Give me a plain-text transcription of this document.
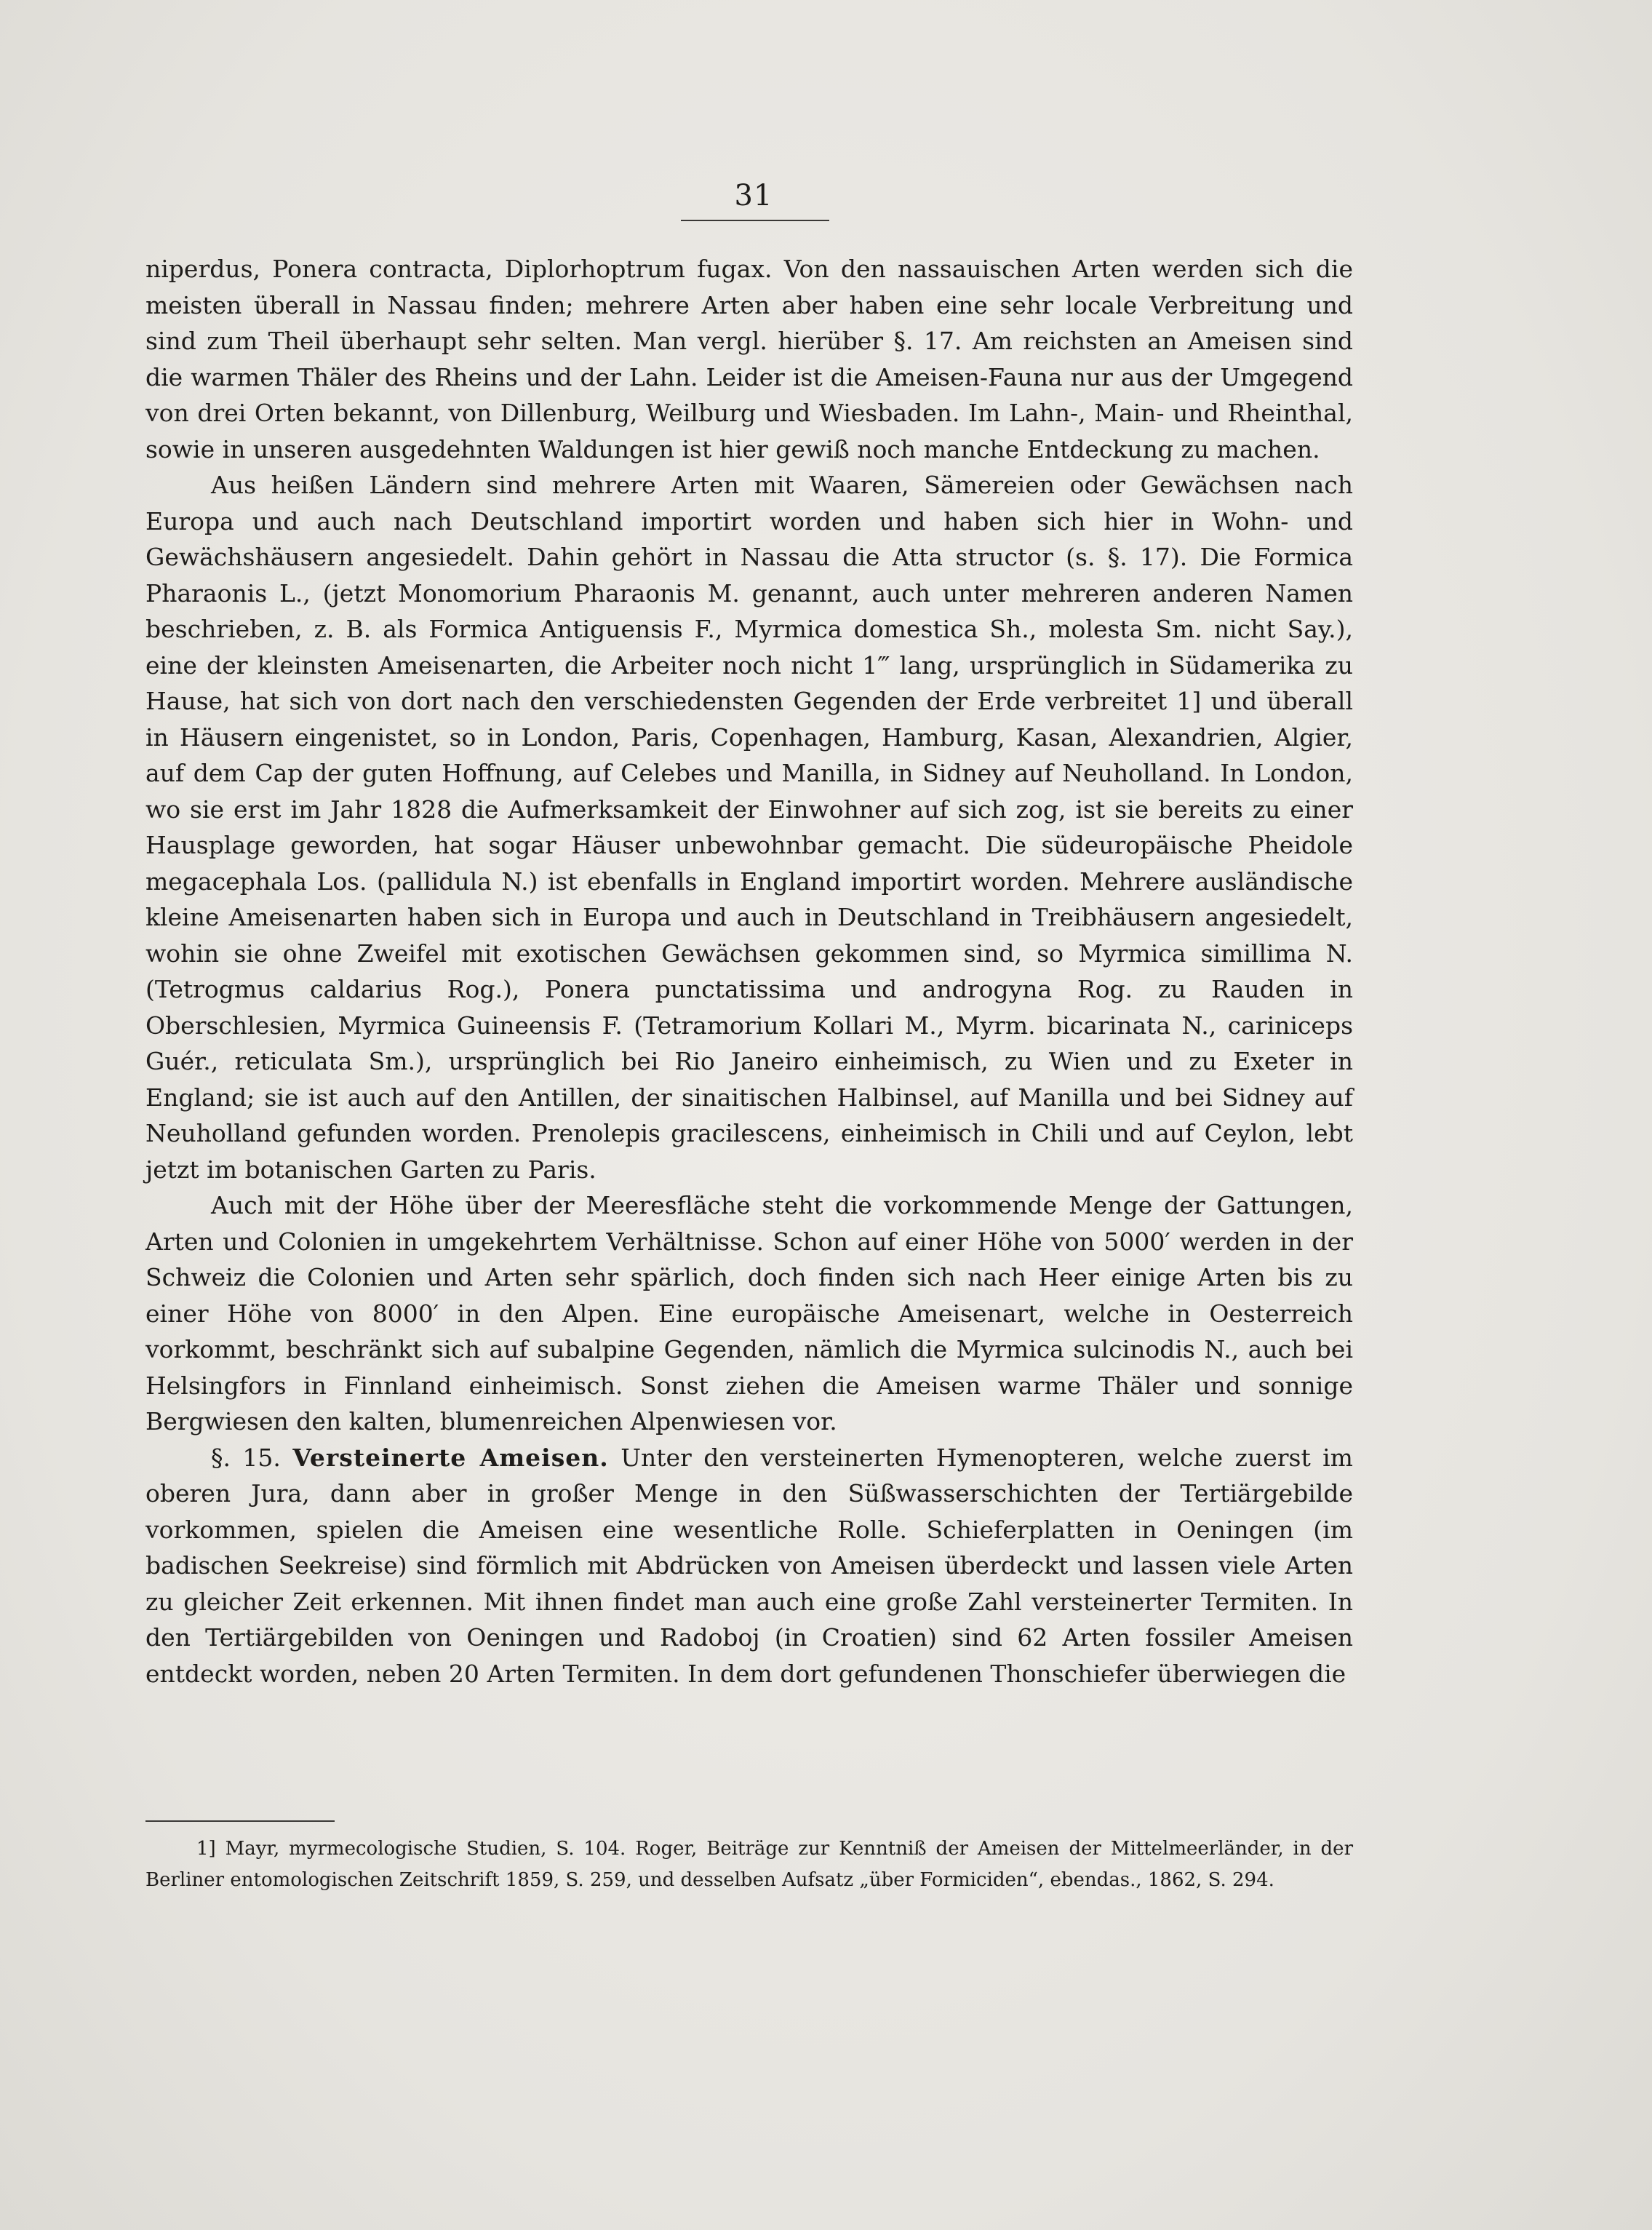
31

niperdus, Ponera contracta, Diplorhoptrum fugax. Von den nassauischen Arten werden sich die meisten überall in Nassau finden; mehrere Arten aber haben eine sehr locale Verbreitung und sind zum Theil überhaupt sehr selten. Man vergl. hierüber §. 17. Am reichsten an Ameisen sind die warmen Thäler des Rheins und der Lahn. Leider ist die Ameisen-Fauna nur aus der Umgegend von drei Orten bekannt, von Dillenburg, Weilburg und Wiesbaden. Im Lahn-, Main- und Rheinthal, sowie in unseren ausgedehnten Waldungen ist hier gewiß noch manche Entdeckung zu machen.

Aus heißen Ländern sind mehrere Arten mit Waaren, Sämereien oder Gewächsen nach Europa und auch nach Deutschland importirt worden und haben sich hier in Wohn- und Gewächshäusern angesiedelt. Dahin gehört in Nassau die Atta structor (s. §. 17). Die Formica Pharaonis L., (jetzt Monomorium Pharaonis M. genannt, auch unter mehreren anderen Namen beschrieben, z. B. als Formica Antiguensis F., Myrmica domestica Sh., molesta Sm. nicht Say.), eine der kleinsten Ameisenarten, die Arbeiter noch nicht 1‴ lang, ursprünglich in Südamerika zu Hause, hat sich von dort nach den verschiedensten Gegenden der Erde verbreitet 1] und überall in Häusern eingenistet, so in London, Paris, Copenhagen, Hamburg, Kasan, Alexandrien, Algier, auf dem Cap der guten Hoffnung, auf Celebes und Manilla, in Sidney auf Neuholland. In London, wo sie erst im Jahr 1828 die Aufmerksamkeit der Einwohner auf sich zog, ist sie bereits zu einer Hausplage geworden, hat sogar Häuser unbewohnbar gemacht. Die südeuropäische Pheidole megacephala Los. (pallidula N.) ist ebenfalls in England importirt worden. Mehrere ausländische kleine Ameisenarten haben sich in Europa und auch in Deutschland in Treibhäusern angesiedelt, wohin sie ohne Zweifel mit exotischen Gewächsen gekommen sind, so Myrmica simillima N. (Tetrogmus caldarius Rog.), Ponera punctatissima und androgyna Rog. zu Rauden in Oberschlesien, Myrmica Guineensis F. (Tetramorium Kollari M., Myrm. bicarinata N., cariniceps Guér., reticulata Sm.), ursprünglich bei Rio Janeiro einheimisch, zu Wien und zu Exeter in England; sie ist auch auf den Antillen, der sinaitischen Halbinsel, auf Manilla und bei Sidney auf Neuholland gefunden worden. Prenolepis gracilescens, einheimisch in Chili und auf Ceylon, lebt jetzt im botanischen Garten zu Paris.

Auch mit der Höhe über der Meeresfläche steht die vorkommende Menge der Gattungen, Arten und Colonien in umgekehrtem Verhältnisse. Schon auf einer Höhe von 5000′ werden in der Schweiz die Colonien und Arten sehr spärlich, doch finden sich nach Heer einige Arten bis zu einer Höhe von 8000′ in den Alpen. Eine europäische Ameisenart, welche in Oesterreich vorkommt, beschränkt sich auf subalpine Gegenden, nämlich die Myrmica sulcinodis N., auch bei Helsingfors in Finnland einheimisch. Sonst ziehen die Ameisen warme Thäler und sonnige Bergwiesen den kalten, blumenreichen Alpenwiesen vor.

§. 15. Versteinerte Ameisen. Unter den versteinerten Hymenopteren, welche zuerst im oberen Jura, dann aber in großer Menge in den Süßwasserschichten der Tertiärgebilde vorkommen, spielen die Ameisen eine wesentliche Rolle. Schieferplatten in Oeningen (im badischen Seekreise) sind förmlich mit Abdrücken von Ameisen überdeckt und lassen viele Arten zu gleicher Zeit erkennen. Mit ihnen findet man auch eine große Zahl versteinerter Termiten. In den Tertiärgebilden von Oeningen und Radoboj (in Croatien) sind 62 Arten fossiler Ameisen entdeckt worden, neben 20 Arten Termiten. In dem dort gefundenen Thonschiefer überwiegen die

1] Mayr, myrmecologische Studien, S. 104. Roger, Beiträge zur Kenntniß der Ameisen der Mittelmeerländer, in der Berliner entomologischen Zeitschrift 1859, S. 259, und desselben Aufsatz „über Formiciden“, ebendas., 1862, S. 294.
